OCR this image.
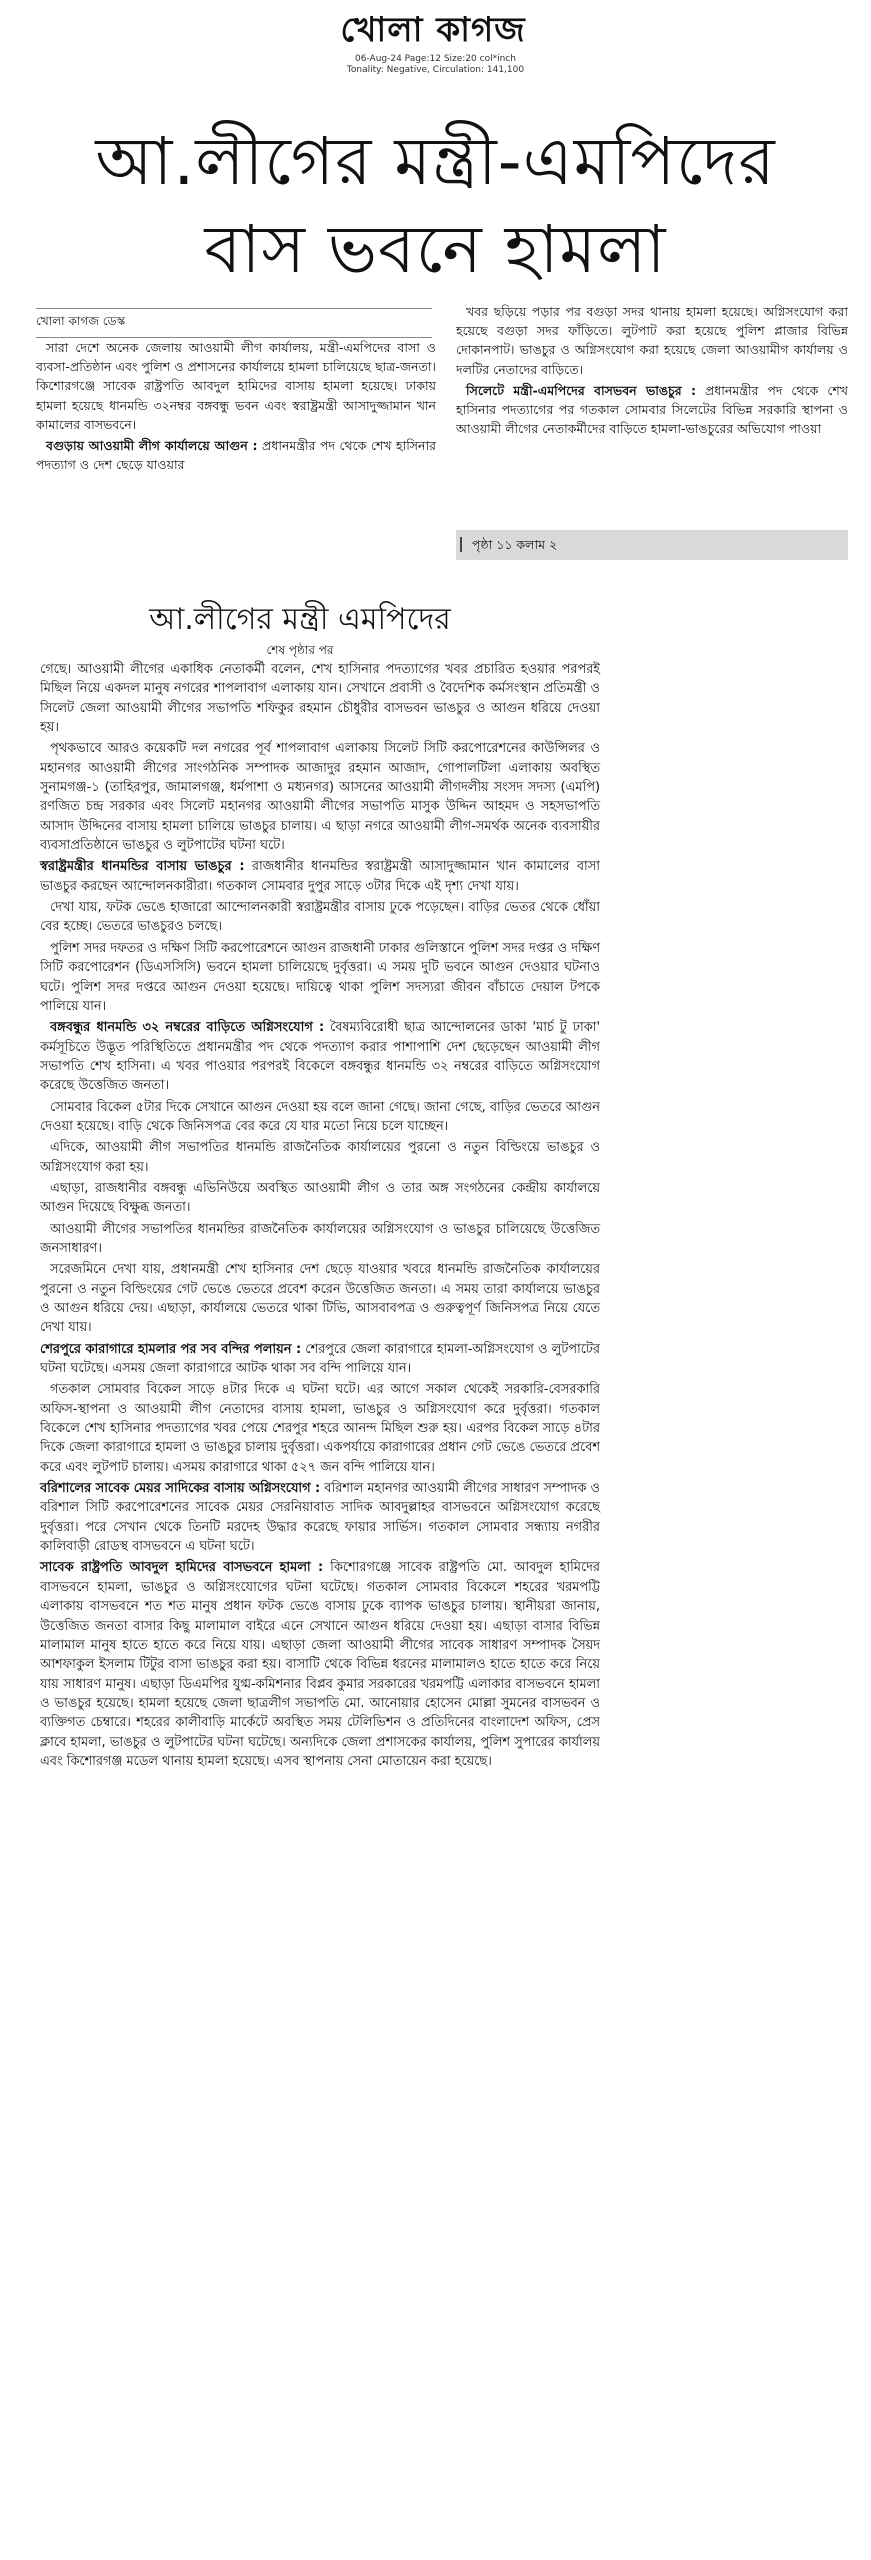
খোলা কাগজ
06-Aug-24 Page:12 Size:20 col*inch
Tonality: Negative, Circulation: 141,100
আ.লীগের মন্ত্রী-এমপিদের
বাস ভবনে হামলা
খোলা কাগজ ডেস্ক

সারা দেশে অনেক জেলায় আওয়ামী লীগ কার্যালয়, মন্ত্রী-এমপিদের বাসা ও ব্যবসা-প্রতিষ্ঠান এবং পুলিশ ও প্রশাসনের কার্যালয়ে হামলা চালিয়েছে ছাত্র-জনতা। কিশোরগঞ্জে সাবেক রাষ্ট্রপতি আবদুল হামিদের বাসায় হামলা হয়েছে। ঢাকায় হামলা হয়েছে ধানমন্ডি ৩২নম্বর বঙ্গবন্ধু ভবন এবং স্বরাষ্ট্রমন্ত্রী আসাদুজ্জামান খান কামালের বাসভবনে।

বগুড়ায় আওয়ামী লীগ কার্যালয়ে আগুন : প্রধানমন্ত্রীর পদ থেকে শেখ হাসিনার পদত্যাগ ও দেশ ছেড়ে যাওয়ার

খবর ছড়িয়ে পড়ার পর বগুড়া সদর থানায় হামলা হয়েছে। অগ্নিসংযোগ করা হয়েছে বগুড়া সদর ফাঁড়িতে। লুটপাট করা হয়েছে পুলিশ প্লাজার বিভিন্ন দোকানপাট। ভাঙচুর ও অগ্নিসংযোগ করা হয়েছে জেলা আওয়ামীগ কার্যালয় ও দলটির নেতাদের বাড়িতে।

সিলেটে মন্ত্রী-এমপিদের বাসভবন ভাঙচুর : প্রধানমন্ত্রীর পদ থেকে শেখ হাসিনার পদত্যাগের পর গতকাল সোমবার সিলেটের বিভিন্ন সরকারি স্থাপনা ও আওয়ামী লীগের নেতাকর্মীদের বাড়িতে হামলা-ভাঙচুরের অভিযোগ পাওয়া

পৃষ্ঠা ১১ কলাম ২
আ.লীগের মন্ত্রী এমপিদের
শেষ পৃষ্ঠার পর

গেছে। আওয়ামী লীগের একাধিক নেতাকর্মী বলেন, শেখ হাসিনার পদত্যাগের খবর প্রচারিত হওয়ার পরপরই মিছিল নিয়ে একদল মানুষ নগরের শাপলাবাগ এলাকায় যান। সেখানে প্রবাসী ও বৈদেশিক কর্মসংস্থান প্রতিমন্ত্রী ও সিলেট জেলা আওয়ামী লীগের সভাপতি শফিকুর রহমান চৌধুরীর বাসভবন ভাঙচুর ও আগুন ধরিয়ে দেওয়া হয়।

পৃথকভাবে আরও কয়েকটি দল নগরের পূর্ব শাপলাবাগ এলাকায় সিলেট সিটি করপোরেশনের কাউন্সিলর ও মহানগর আওয়ামী লীগের সাংগঠনিক সম্পাদক আজাদুর রহমান আজাদ, গোপালটিলা এলাকায় অবস্থিত সুনামগঞ্জ-১ (তাহিরপুর, জামালগঞ্জ, ধর্মপাশা ও মধ্যনগর) আসনের আওয়ামী লীগদলীয় সংসদ সদস্য (এমপি) রণজিত চন্দ্র সরকার এবং সিলেট মহানগর আওয়ামী লীগের সভাপতি মাসুক উদ্দিন আহমদ ও সহসভাপতি আসাদ উদ্দিনের বাসায় হামলা চালিয়ে ভাঙচুর চালায়। এ ছাড়া নগরে আওয়ামী লীগ-সমর্থক অনেক ব্যবসায়ীর ব্যবসাপ্রতিষ্ঠানে ভাঙচুর ও লুটপাটের ঘটনা ঘটে।

স্বরাষ্ট্রমন্ত্রীর ধানমন্ডির বাসায় ভাঙচুর : রাজধানীর ধানমন্ডির স্বরাষ্ট্রমন্ত্রী আসাদুজ্জামান খান কামালের বাসা ভাঙচুর করছেন আন্দোলনকারীরা। গতকাল সোমবার দুপুর সাড়ে ৩টার দিকে এই দৃশ্য দেখা যায়।

দেখা যায়, ফটক ভেঙে হাজারো আন্দোলনকারী স্বরাষ্ট্রমন্ত্রীর বাসায় ঢুকে পড়েছেন। বাড়ির ভেতর থেকে ধোঁয়া বের হচ্ছে। ভেতরে ভাঙচুরও চলছে।

পুলিশ সদর দফতর ও দক্ষিণ সিটি করপোরেশনে আগুন রাজধানী ঢাকার গুলিস্তানে পুলিশ সদর দপ্তর ও দক্ষিণ সিটি করপোরেশন (ডিএসসিসি) ভবনে হামলা চালিয়েছে দুর্বৃত্তরা। এ সময় দুটি ভবনে আগুন দেওয়ার ঘটনাও ঘটে। পুলিশ সদর দপ্তরে আগুন দেওয়া হয়েছে। দায়িত্বে থাকা পুলিশ সদস্যরা জীবন বাঁচাতে দেয়াল টপকে পালিয়ে যান।

বঙ্গবন্ধুর ধানমন্ডি ৩২ নম্বরের বাড়িতে অগ্নিসংযোগ : বৈষম্যবিরোধী ছাত্র আন্দোলনের ডাকা 'মার্চ টু ঢাকা' কর্মসূচিতে উদ্ভূত পরিস্থিতিতে প্রধানমন্ত্রীর পদ থেকে পদত্যাগ করার পাশাপাশি দেশ ছেড়েছেন আওয়ামী লীগ সভাপতি শেখ হাসিনা। এ খবর পাওয়ার পরপরই বিকেলে বঙ্গবন্ধুর ধানমন্ডি ৩২ নম্বরের বাড়িতে অগ্নিসংযোগ করেছে উত্তেজিত জনতা।

সোমবার বিকেল ৫টার দিকে সেখানে আগুন দেওয়া হয় বলে জানা গেছে। জানা গেছে, বাড়ির ভেতরে আগুন দেওয়া হয়েছে। বাড়ি থেকে জিনিসপত্র বের করে যে যার মতো নিয়ে চলে যাচ্ছেন।

এদিকে, আওয়ামী লীগ সভাপতির ধানমন্ডি রাজনৈতিক কার্যালয়ের পুরনো ও নতুন বিল্ডিংয়ে ভাঙচুর ও অগ্নিসংযোগ করা হয়।

এছাড়া, রাজধানীর বঙ্গবন্ধু এভিনিউয়ে অবস্থিত আওয়ামী লীগ ও তার অঙ্গ সংগঠনের কেন্দ্রীয় কার্যালয়ে আগুন দিয়েছে বিক্ষুব্ধ জনতা।

আওয়ামী লীগের সভাপতির ধানমন্ডির রাজনৈতিক কার্যালয়ের অগ্নিসংযোগ ও ভাঙচুর চালিয়েছে উত্তেজিত জনসাধারণ।

সরেজমিনে দেখা যায়, প্রধানমন্ত্রী শেখ হাসিনার দেশ ছেড়ে যাওয়ার খবরে ধানমন্ডি রাজনৈতিক কার্যালয়ের পুরনো ও নতুন বিল্ডিংয়ের গেট ভেঙে ভেতরে প্রবেশ করেন উত্তেজিত জনতা। এ সময় তারা কার্যালয়ে ভাঙচুর ও আগুন ধরিয়ে দেয়। এছাড়া, কার্যালয়ে ভেতরে থাকা টিভি, আসবাবপত্র ও গুরুত্বপূর্ণ জিনিসপত্র নিয়ে যেতে দেখা যায়।

শেরপুরে কারাগারে হামলার পর সব বন্দির পলায়ন : শেরপুরে জেলা কারাগারে হামলা-অগ্নিসংযোগ ও লুটপাটের ঘটনা ঘটেছে। এসময় জেলা কারাগারে আটক থাকা সব বন্দি পালিয়ে যান।

গতকাল সোমবার বিকেল সাড়ে ৪টার দিকে এ ঘটনা ঘটে। এর আগে সকাল থেকেই সরকারি-বেসরকারি অফিস-স্থাপনা ও আওয়ামী লীগ নেতাদের বাসায় হামলা, ভাঙচুর ও অগ্নিসংযোগ করে দুর্বৃত্তরা। গতকাল বিকেলে শেখ হাসিনার পদত্যাগের খবর পেয়ে শেরপুর শহরে আনন্দ মিছিল শুরু হয়। এরপর বিকেল সাড়ে ৪টার দিকে জেলা কারাগারে হামলা ও ভাঙচুর চালায় দুর্বৃত্তরা। একপর্যায়ে কারাগারের প্রধান গেট ভেঙে ভেতরে প্রবেশ করে এবং লুটপাট চালায়। এসময় কারাগারে থাকা ৫২৭ জন বন্দি পালিয়ে যান।

বরিশালের সাবেক মেয়র সাদিকের বাসায় অগ্নিসংযোগ : বরিশাল মহানগর আওয়ামী লীগের সাধারণ সম্পাদক ও বরিশাল সিটি করপোরেশনের সাবেক মেয়র সেরনিয়াবাত সাদিক আবদুল্লাহর বাসভবনে অগ্নিসংযোগ করেছে দুর্বৃত্তরা। পরে সেখান থেকে তিনটি মরদেহ উদ্ধার করেছে ফায়ার সার্ভিস। গতকাল সোমবার সন্ধ্যায় নগরীর কালিবাড়ী রোডস্থ বাসভবনে এ ঘটনা ঘটে।

সাবেক রাষ্ট্রপতি আবদুল হামিদের বাসভবনে হামলা : কিশোরগঞ্জে সাবেক রাষ্ট্রপতি মো. আবদুল হামিদের বাসভবনে হামলা, ভাঙচুর ও অগ্নিসংযোগের ঘটনা ঘটেছে। গতকাল সোমবার বিকেলে শহরের খরমপট্টি এলাকায় বাসভবনে শত শত মানুষ প্রধান ফটক ভেঙে বাসায় ঢুকে ব্যাপক ভাঙচুর চালায়। স্থানীয়রা জানায়, উত্তেজিত জনতা বাসার কিছু মালামাল বাইরে এনে সেখানে আগুন ধরিয়ে দেওয়া হয়। এছাড়া বাসার বিভিন্ন মালামাল মানুষ হাতে হাতে করে নিয়ে যায়। এছাড়া জেলা আওয়ামী লীগের সাবেক সাধারণ সম্পাদক সৈয়দ আশফাকুল ইসলাম টিটুর বাসা ভাঙচুর করা হয়। বাসাটি থেকে বিভিন্ন ধরনের মালামালও হাতে হাতে করে নিয়ে যায় সাধারণ মানুষ। এছাড়া ডিএমপির যুগ্ম-কমিশনার বিপ্লব কুমার সরকারের খরমপট্টি এলাকার বাসভবনে হামলা ও ভাঙচুর হয়েছে। হামলা হয়েছে জেলা ছাত্রলীগ সভাপতি মো. আনোয়ার হোসেন মোল্লা সুমনের বাসভবন ও ব্যক্তিগত চেম্বারে। শহরের কালীবাড়ি মার্কেটে অবস্থিত সময় টেলিভিশন ও প্রতিদিনের বাংলাদেশ অফিস, প্রেস ক্লাবে হামলা, ভাঙচুর ও লুটপাটের ঘটনা ঘটেছে। অন্যদিকে জেলা প্রশাসকের কার্যালয়, পুলিশ সুপারের কার্যালয় এবং কিশোরগঞ্জ মডেল থানায় হামলা হয়েছে। এসব স্থাপনায় সেনা মোতায়েন করা হয়েছে।
